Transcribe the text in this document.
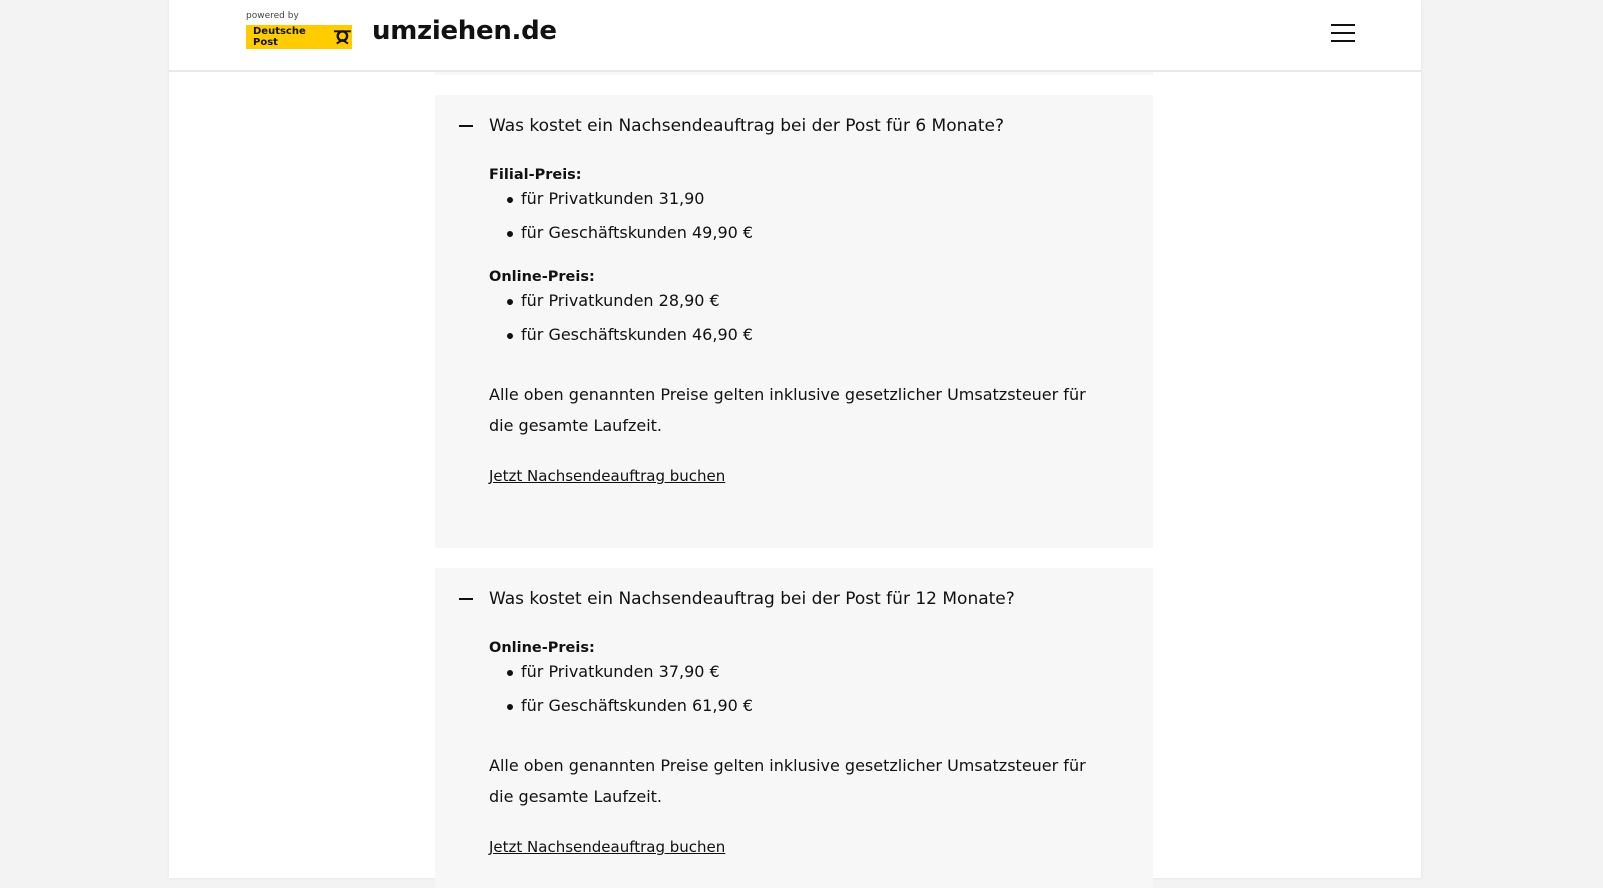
powered by
Deutsche Post	umziehen.de
Was kostet ein Nachsendeauftrag bei der Post für 6 Monate?
Filial-Preis:
für Privatkunden 31,90
für Geschäftskunden 49,90 €
Online-Preis:
für Privatkunden 28,90 €
für Geschäftskunden 46,90 €

Alle oben genannten Preise gelten inklusive gesetzlicher Umsatzsteuer für die gesamte Laufzeit.

Jetzt Nachsendeauftrag buchen
Was kostet ein Nachsendeauftrag bei der Post für 12 Monate?
Online-Preis:
für Privatkunden 37,90 €
für Geschäftskunden 61,90 €

Alle oben genannten Preise gelten inklusive gesetzlicher Umsatzsteuer für die gesamte Laufzeit.

Jetzt Nachsendeauftrag buchen
